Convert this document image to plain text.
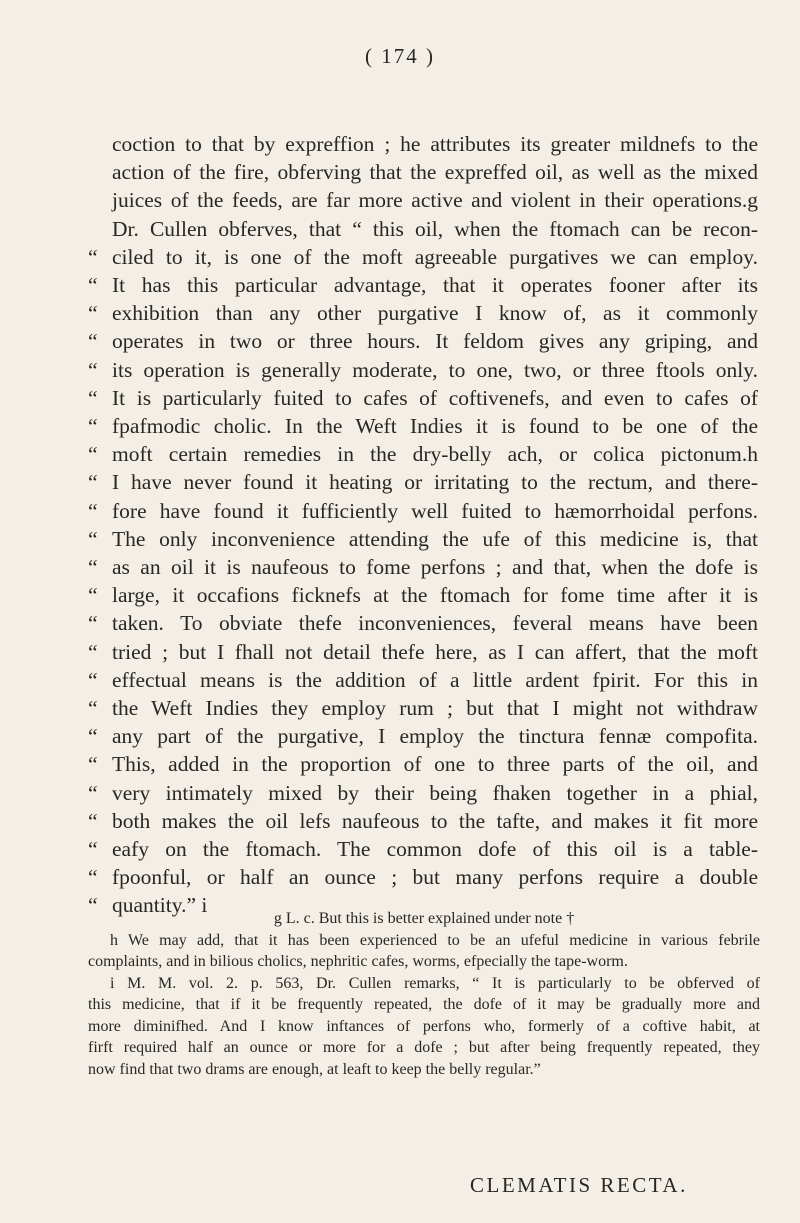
( 174 )
coction to that by expreffion ; he attributes its greater mildnefs to the
action of the fire, obferving that the expreffed oil, as well as the mixed
juices of the feeds, are far more active and violent in their operations.g
Dr. Cullen obferves, that “ this oil, when the ftomach can be recon-
“ ciled to it, is one of the moft agreeable purgatives we can employ.
“ It has this particular advantage, that it operates fooner after its
“ exhibition than any other purgative I know of, as it commonly
“ operates in two or three hours. It feldom gives any griping, and
“ its operation is generally moderate, to one, two, or three ftools only.
“ It is particularly fuited to cafes of coftivenefs, and even to cafes of
“ fpafmodic cholic. In the Weft Indies it is found to be one of the
“ moft certain remedies in the dry-belly ach, or colica pictonum.h
“ I have never found it heating or irritating to the rectum, and there-
“ fore have found it fufficiently well fuited to hæmorrhoidal perfons.
“ The only inconvenience attending the ufe of this medicine is, that
“ as an oil it is naufeous to fome perfons ; and that, when the dofe is
“ large, it occafions ficknefs at the ftomach for fome time after it is
“ taken. To obviate thefe inconveniences, feveral means have been
“ tried ; but I fhall not detail thefe here, as I can affert, that the moft
“ effectual means is the addition of a little ardent fpirit. For this in
“ the Weft Indies they employ rum ; but that I might not withdraw
“ any part of the purgative, I employ the tinctura fennæ compofita.
“ This, added in the proportion of one to three parts of the oil, and
“ very intimately mixed by their being fhaken together in a phial,
“ both makes the oil lefs naufeous to the tafte, and makes it fit more
“ eafy on the ftomach. The common dofe of this oil is a table-
“ fpoonful, or half an ounce ; but many perfons require a double
“ quantity.” i
g L. c. But this is better explained under note †
h We may add, that it has been experienced to be an ufeful medicine in various febrile
complaints, and in bilious cholics, nephritic cafes, worms, efpecially the tape-worm.
i M. M. vol. 2. p. 563, Dr. Cullen remarks, “ It is particularly to be obferved of
this medicine, that if it be frequently repeated, the dofe of it may be gradually more and
more diminifhed. And I know inftances of perfons who, formerly of a coftive habit, at
firft required half an ounce or more for a dofe ; but after being frequently repeated, they
now find that two drams are enough, at leaft to keep the belly regular.”
CLEMATIS RECTA.
